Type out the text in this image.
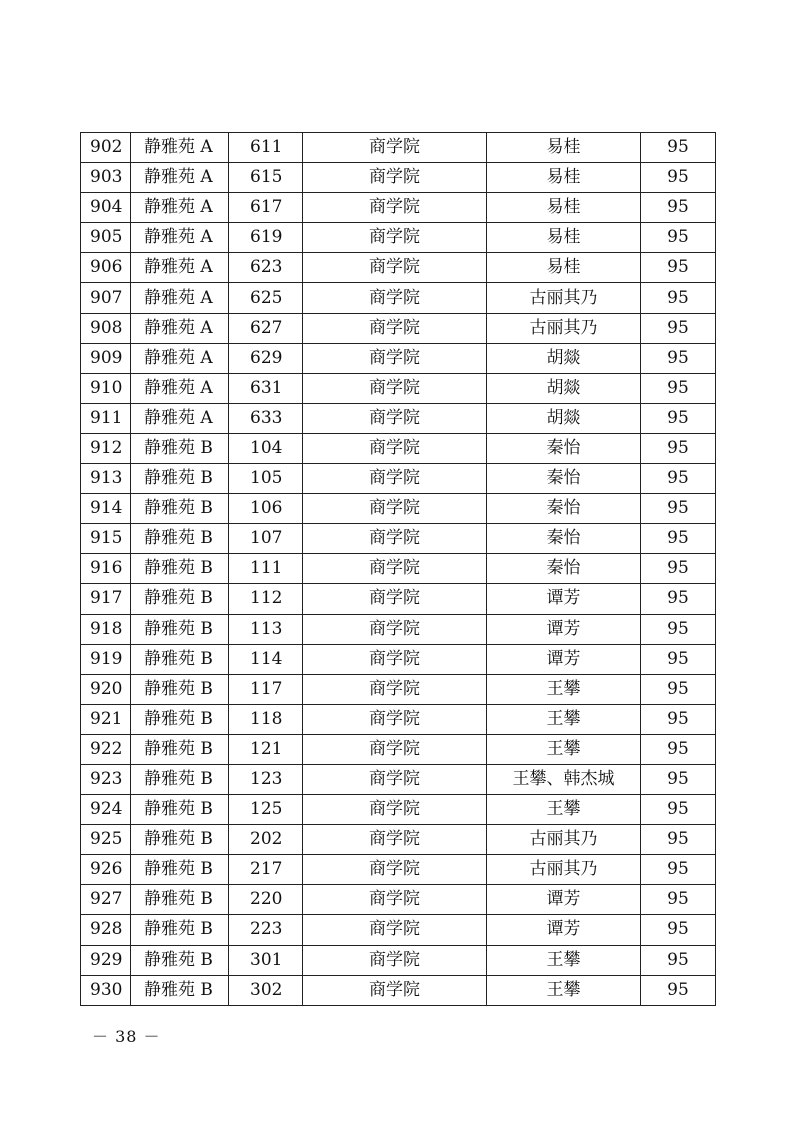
902	静雅苑 A	611	商学院	易桂	95
903	静雅苑 A	615	商学院	易桂	95
904	静雅苑 A	617	商学院	易桂	95
905	静雅苑 A	619	商学院	易桂	95
906	静雅苑 A	623	商学院	易桂	95
907	静雅苑 A	625	商学院	古丽其乃	95
908	静雅苑 A	627	商学院	古丽其乃	95
909	静雅苑 A	629	商学院	胡燚	95
910	静雅苑 A	631	商学院	胡燚	95
911	静雅苑 A	633	商学院	胡燚	95
912	静雅苑 B	104	商学院	秦怡	95
913	静雅苑 B	105	商学院	秦怡	95
914	静雅苑 B	106	商学院	秦怡	95
915	静雅苑 B	107	商学院	秦怡	95
916	静雅苑 B	111	商学院	秦怡	95
917	静雅苑 B	112	商学院	谭芳	95
918	静雅苑 B	113	商学院	谭芳	95
919	静雅苑 B	114	商学院	谭芳	95
920	静雅苑 B	117	商学院	王攀	95
921	静雅苑 B	118	商学院	王攀	95
922	静雅苑 B	121	商学院	王攀	95
923	静雅苑 B	123	商学院	王攀、韩杰城	95
924	静雅苑 B	125	商学院	王攀	95
925	静雅苑 B	202	商学院	古丽其乃	95
926	静雅苑 B	217	商学院	古丽其乃	95
927	静雅苑 B	220	商学院	谭芳	95
928	静雅苑 B	223	商学院	谭芳	95
929	静雅苑 B	301	商学院	王攀	95
930	静雅苑 B	302	商学院	王攀	95
－ 38 －
